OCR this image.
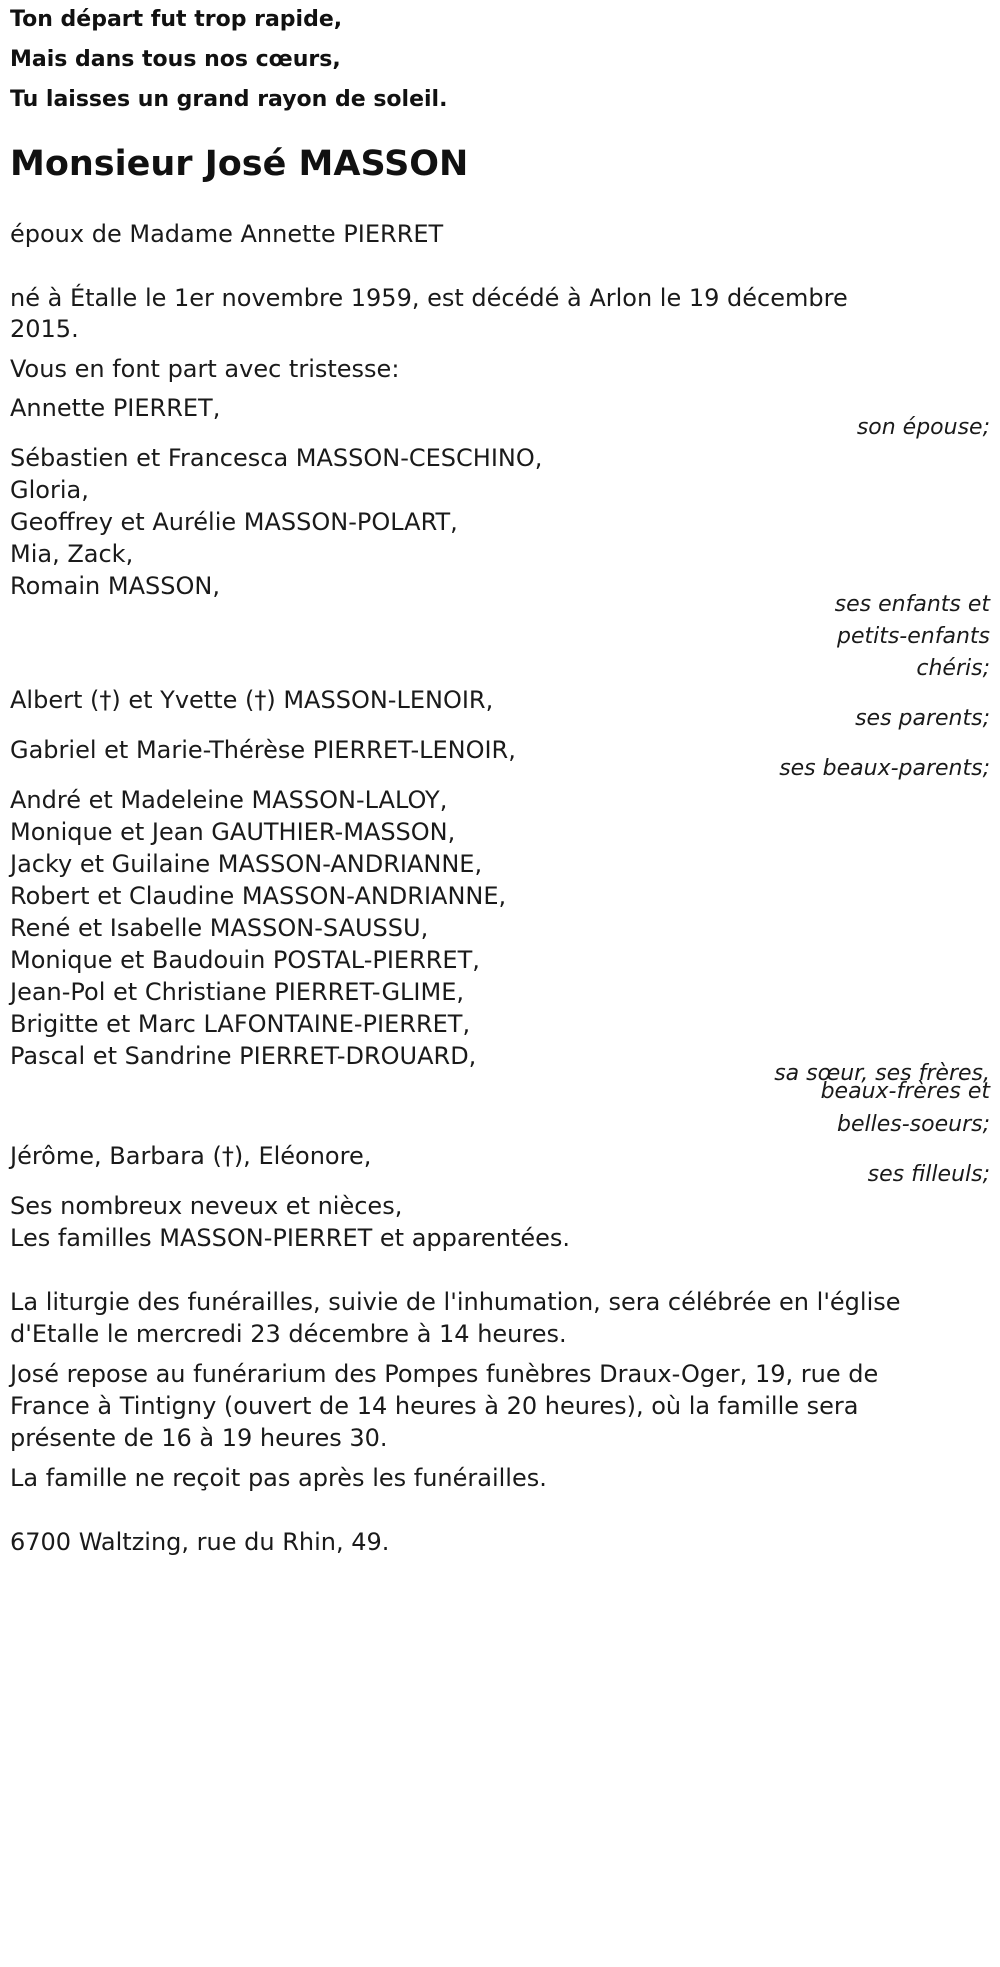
Ton départ fut trop rapide,
Mais dans tous nos cœurs,
Tu laisses un grand rayon de soleil.
Monsieur José MASSON
époux de Madame Annette PIERRET
né à Étalle le 1er novembre 1959, est décédé à Arlon le 19 décembre
2015.
Vous en font part avec tristesse:
Annette PIERRET,
son épouse;
Sébastien et Francesca MASSON-CESCHINO,
Gloria,
Geoffrey et Aurélie MASSON-POLART,
Mia, Zack,
Romain MASSON,
ses enfants et
petits-enfants
chéris;
Albert (†) et Yvette (†) MASSON-LENOIR,
ses parents;
Gabriel et Marie-Thérèse PIERRET-LENOIR,
ses beaux-parents;
André et Madeleine MASSON-LALOY,
Monique et Jean GAUTHIER-MASSON,
Jacky et Guilaine MASSON-ANDRIANNE,
Robert et Claudine MASSON-ANDRIANNE,
René et Isabelle MASSON-SAUSSU,
Monique et Baudouin POSTAL-PIERRET,
Jean-Pol et Christiane PIERRET-GLIME,
Brigitte et Marc LAFONTAINE-PIERRET,
Pascal et Sandrine PIERRET-DROUARD,
sa sœur, ses frères,
beaux-frères et
belles-soeurs;
Jérôme, Barbara (†), Eléonore,
ses filleuls;
Ses nombreux neveux et nièces,
Les familles MASSON-PIERRET et apparentées.
La liturgie des funérailles, suivie de l'inhumation, sera célébrée en l'église
d'Etalle le mercredi 23 décembre à 14 heures.
José repose au funérarium des Pompes funèbres Draux-Oger, 19, rue de
France à Tintigny (ouvert de 14 heures à 20 heures), où la famille sera
présente de 16 à 19 heures 30.
La famille ne reçoit pas après les funérailles.
6700 Waltzing, rue du Rhin, 49.
